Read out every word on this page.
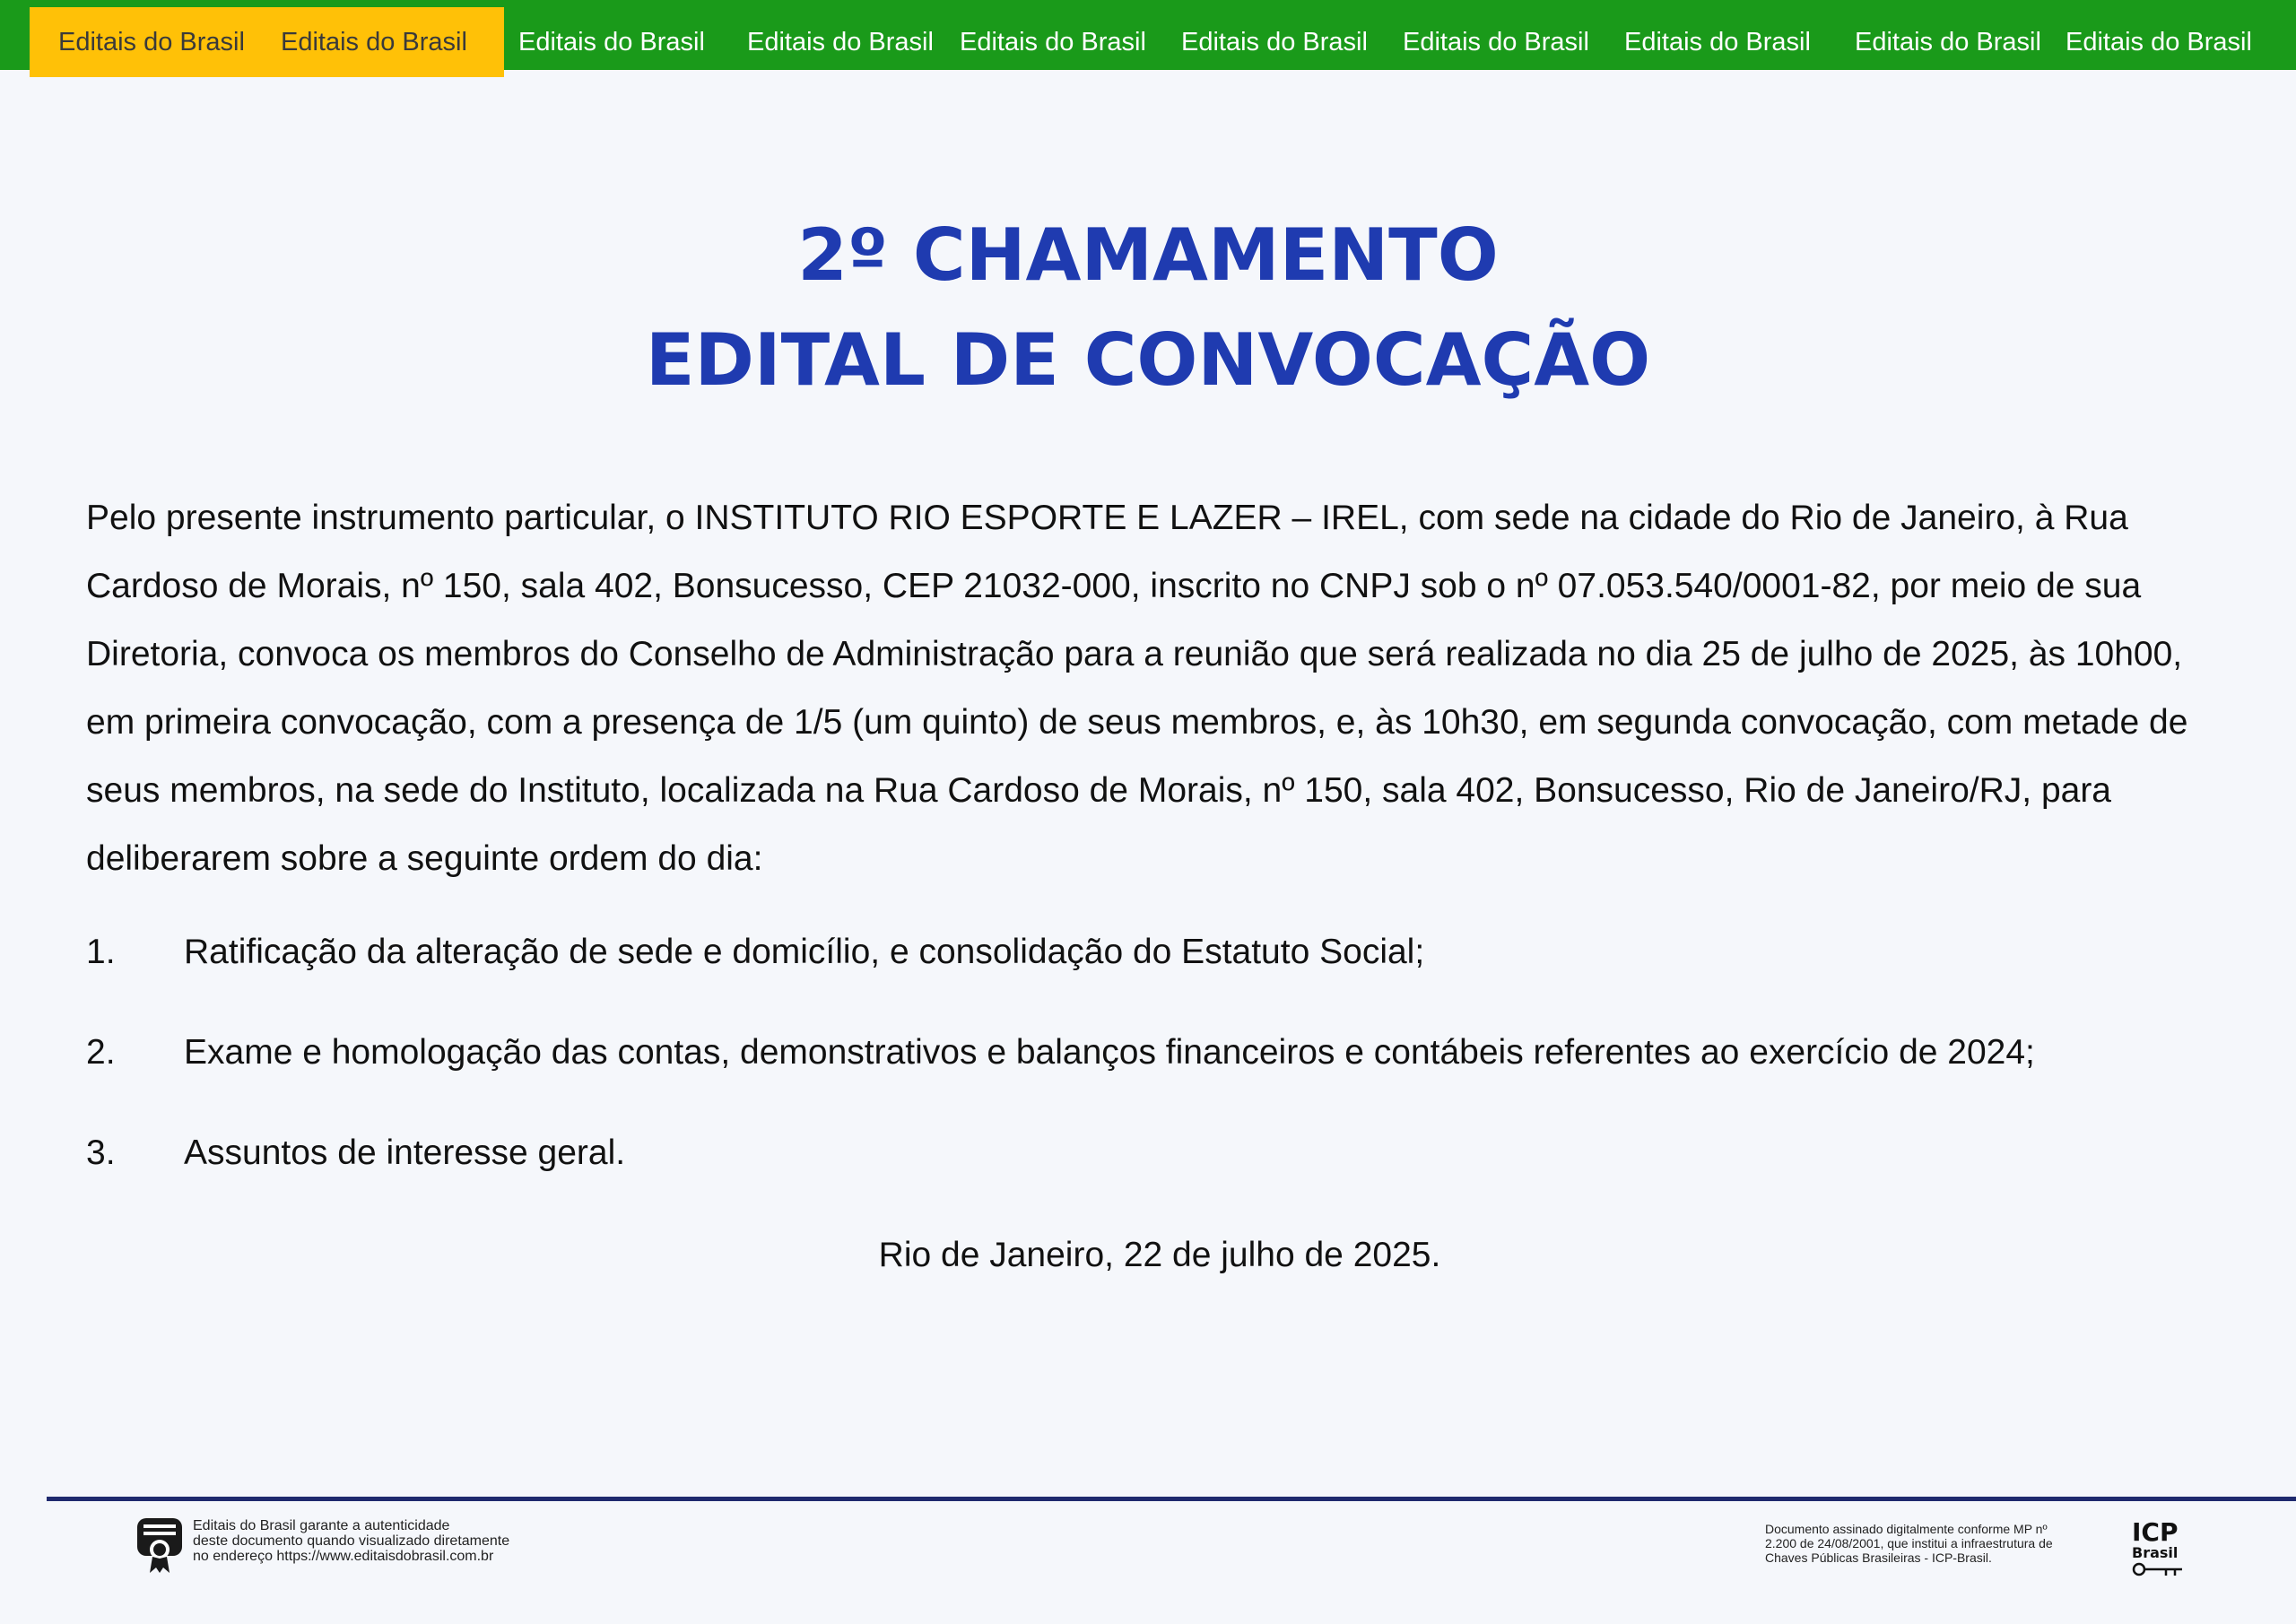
Editais do Brasil Editais do Brasil Editais do Brasil Editais do Brasil Editais do Brasil Editais do Brasil Editais do Brasil Editais do Brasil Editais do Brasil Editais do Brasil
2º CHAMAMENTO
EDITAL DE CONVOCAÇÃO

Pelo presente instrumento particular, o INSTITUTO RIO ESPORTE E LAZER – IREL, com sede na cidade do Rio de Janeiro, à Rua Cardoso de Morais, nº 150, sala 402, Bonsucesso, CEP 21032-000, inscrito no CNPJ sob o nº 07.053.540/0001-82, por meio de sua Diretoria, convoca os membros do Conselho de Administração para a reunião que será realizada no dia 25 de julho de 2025, às 10h00, em primeira convocação, com a presença de 1/5 (um quinto) de seus membros, e, às 10h30, em segunda convocação, com metade de seus membros, na sede do Instituto, localizada na Rua Cardoso de Morais, nº 150, sala 402, Bonsucesso, Rio de Janeiro/RJ, para deliberarem sobre a seguinte ordem do dia:

1. Ratificação da alteração de sede e domicílio, e consolidação do Estatuto Social;
2. Exame e homologação das contas, demonstrativos e balanços financeiros e contábeis referentes ao exercício de 2024;
3. Assuntos de interesse geral.
Rio de Janeiro, 22 de julho de 2025.
Editais do Brasil garante a autenticidade
deste documento quando visualizado diretamente
no endereço https://www.editaisdobrasil.com.br
Documento assinado digitalmente conforme MP nº
2.200 de 24/08/2001, que institui a infraestrutura de
Chaves Públicas Brasileiras - ICP-Brasil.
ICP
Brasil
